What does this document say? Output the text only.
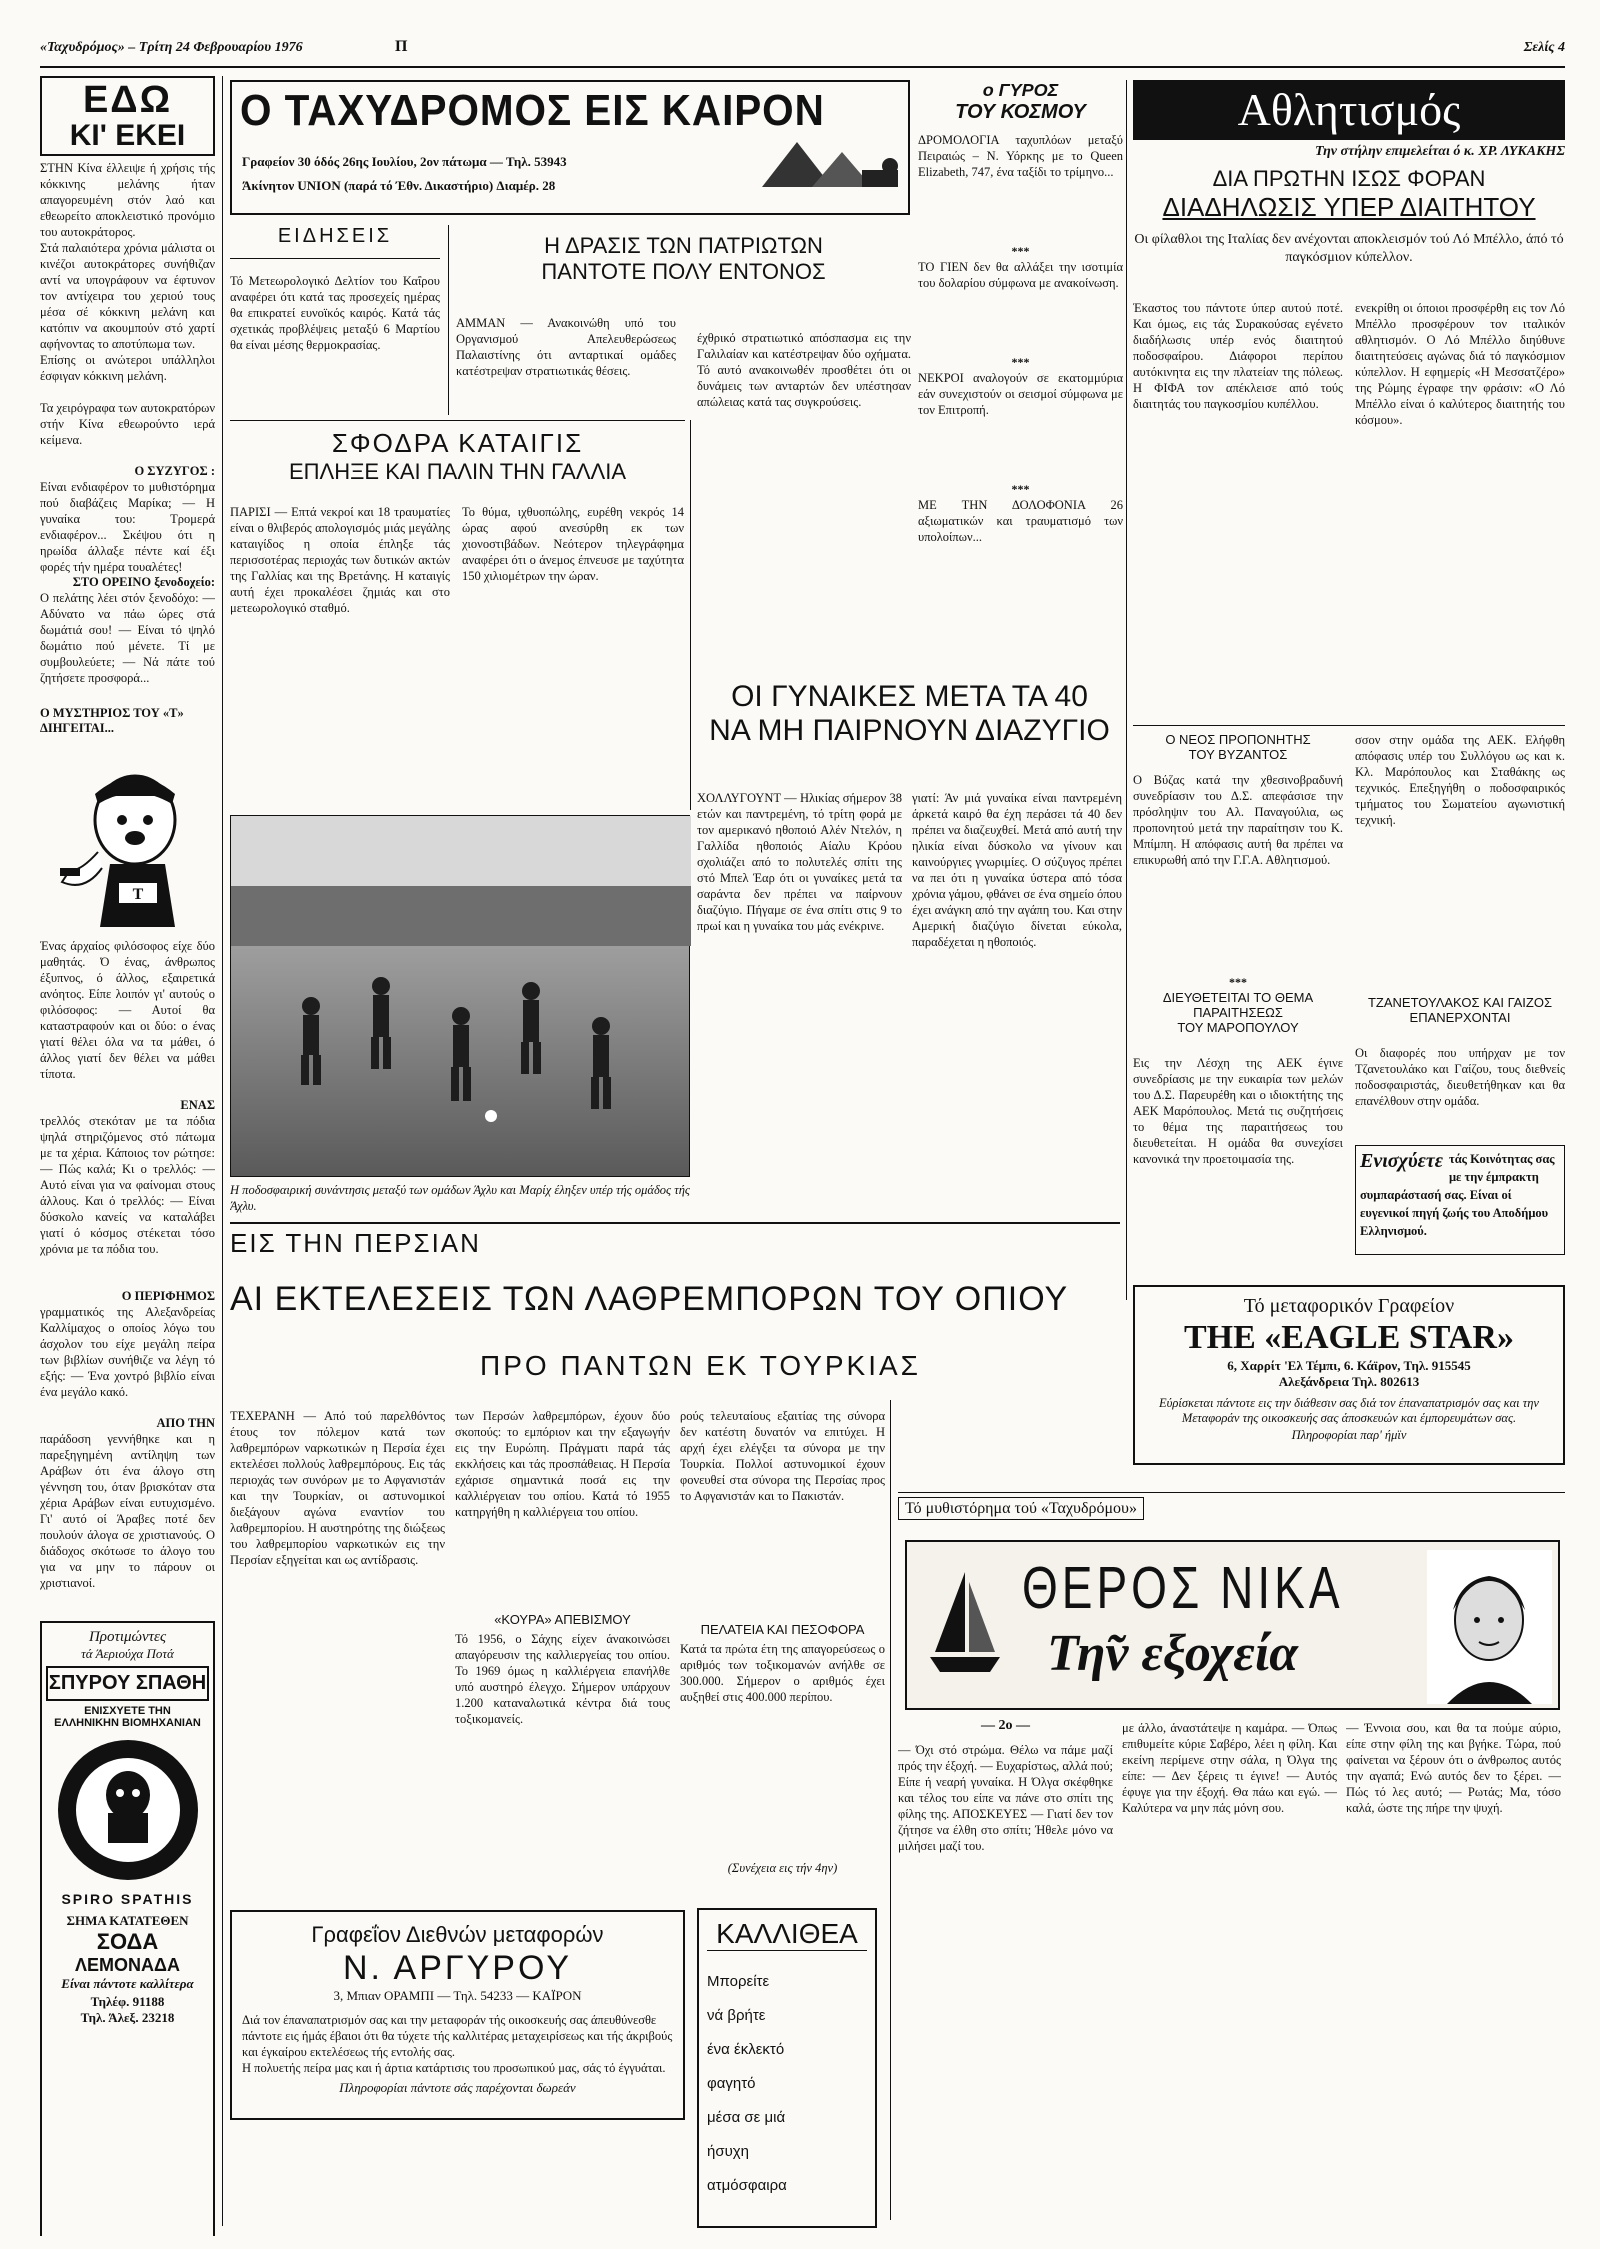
«Ταχυδρόμος» – Τρίτη 24 Φεβρουαρίου 1976	Π	Σελίς 4
ΕΔΩ
ΚΙ' ΕΚΕΙ
ΣΤΗΝ Κίνα έλλειψε ή χρήσις τής κόκκινης μελάνης ήταν απαγορευμένη στόν λαό και εθεωρείτο αποκλειστικό προνόμιο του αυτοκράτορος.
Στά παλαιότερα χρόνια μάλιστα οι κινέζοι αυτοκράτορες συνήθιζαν αντί να υπογράφουν να έφτυνον τον αντίχειρα του χεριού τους μέσα σέ κόκκινη μελάνη και κατόπιν να ακουμπούν στό χαρτί αφήνοντας το αποτύπωμα των.
Επίσης οι ανώτεροι υπάλληλοι έσφιγαν κόκκινη μελάνη.
Τα χειρόγραφα των αυτοκρατόρων στήν Κίνα εθεωρούντο ιερά κείμενα.
Ο ΣΥΖΥΓΟΣ :
Είναι ενδιαφέρον το μυθιστόρημα πού διαβάζεις Μαρίκα; — Η γυναίκα του: Τρομερά ενδιαφέρον... Σκέψου ότι η ηρωίδα άλλαξε πέντε καί έξι φορές τήν ημέρα τουαλέτες!
ΣΤΟ ΟΡΕΙΝΟ ξενοδοχείο:
Ο πελάτης λέει στόν ξενοδόχο: — Αδύνατο να πάω ώρες στά δωμάτιά σου! — Είναι τό ψηλό δωμάτιο πού μένετε. Τί με συμβουλεύετε; — Νά πάτε τού ζητήσετε προσφορά...
Ο ΜΥΣΤΗΡΙΟΣ ΤΟΥ «Τ» ΔΙΗΓΕΙΤΑΙ...
Τ
Ένας άρχαίος φιλόσοφος είχε δύο μαθητάς. Ό ένας, άνθρωπος έξυπνος, ό άλλος, εξαιρετικά ανόητος. Είπε λοιπόν γι' αυτούς ο φιλόσοφος: — Αυτοί θα καταστραφούν και οι δύο: ο ένας γιατί θέλει όλα να τα μάθει, ό άλλος γιατί δεν θέλει να μάθει τίποτα.
ΕΝΑΣ
τρελλός στεκόταν με τα πόδια ψηλά στηριζόμενος στό πάτωμα με τα χέρια. Κάποιος τον ρώτησε: — Πώς καλά; Κι ο τρελλός: — Αυτό είναι για να φαίνομαι στους άλλους. Και ό τρελλός: — Είναι δύσκολο κανείς να καταλάβει γιατί ό κόσμος στέκεται τόσο χρόνια με τα πόδια του.
Ο ΠΕΡΙΦΗΜΟΣ
γραμματικός της Αλεξανδρείας Καλλίμαχος ο οποίος λόγω του άσχολον του είχε μεγάλη πείρα των βιβλίων συνήθιζε να λέγη τό εξής: — Ένα χοντρό βιβλίο είναι ένα μεγάλο κακό.
ΑΠΟ ΤΗΝ
παράδοση γεννήθηκε και η παρεξηγημένη αντίληψη των Αράβων ότι ένα άλογο στη γέννηση του, όταν βρισκόταν στα χέρια Αράβων είναι ευτυχισμένο. Γι' αυτό οί Άραβες ποτέ δεν πουλούν άλογα σε χριστιανούς. Ο διάδοχος σκότωσε το άλογο του για να μην το πάρουν οι χριστιανοί.
Προτιμώντες
τά Άεριούχα Ποτά
ΣΠΥΡΟΥ ΣΠΑΘΗ
ΕΝΙΣΧΥΕΤΕ ΤΗΝ
ΕΛΛΗΝΙΚΗΝ ΒΙΟΜΗΧΑΝΙΑΝ
SPIRO SPATHIS
ΣΗΜΑ ΚΑΤΑΤΕΘΕΝ
ΣΟΔΑ
ΛΕΜΟΝΑΔΑ
Είναι πάντοτε καλλίτερα
Τηλέφ. 91188
Τηλ. Άλεξ. 23218
Ο ΤΑΧΥΔΡΟΜΟΣ ΕΙΣ ΚΑΙΡΟΝ
Γραφείον 30 όδός 26ης Ιουλίου, 2ον πάτωμα — Τηλ. 53943
Άκίνητον UNION (παρά τό Έθν. Δικαστήριο) Διαμέρ. 28
ΕΙΔΗΣΕΙΣ
Τό Μετεωρολογικό Δελτίον του Καΐρου αναφέρει ότι κατά τας προσεχείς ημέρας θα επικρατεί ευνοϊκός καιρός. Κατά τάς σχετικάς προβλέψεις μεταξύ 6 Μαρτίου θα είναι μέσης θερμοκρασίας.
Η ΔΡΑΣΙΣ ΤΩΝ ΠΑΤΡΙΩΤΩΝ
ΠΑΝΤΟΤΕ ΠΟΛΥ ΕΝΤΟΝΟΣ
ΑΜΜΑΝ — Ανακοινώθη υπό του Οργανισμού Απελευθερώσεως Παλαιστίνης ότι ανταρτικαί ομάδες κατέστρεψαν στρατιωτικάς θέσεις.
ΣΦΟΔΡΑ ΚΑΤΑΙΓΙΣ
ΕΠΛΗΞΕ ΚΑΙ ΠΑΛΙΝ ΤΗΝ ΓΑΛΛΙΑ
ΠΑΡΙΣΙ — Επτά νεκροί και 18 τραυματίες είναι ο θλιβερός απολογισμός μιάς μεγάλης καταιγίδος η οποία έπληξε τάς περισσοτέρας περιοχάς των δυτικών ακτών της Γαλλίας και της Βρετάνης. Η καταιγίς αυτή έχει προκαλέσει ζημιάς και στο μετεωρολογικό σταθμό.
Το θύμα, ιχθυοπώλης, ευρέθη νεκρός 14 ώρας αφού ανεσύρθη εκ των χιονοστιβάδων. Νεότερον τηλεγράφημα αναφέρει ότι ο άνεμος έπνευσε με ταχύτητα 150 χιλιομέτρων την ώραν.
έχθρικό στρατιωτικό απόσπασμα εις την Γαλιλαίαν και κατέστρεψαν δύο οχήματα. Τό αυτό ανακοινωθέν προσθέτει ότι οι δυνάμεις των ανταρτών δεν υπέστησαν απώλειας κατά τας συγκρούσεις.
Η ποδοσφαιρική συνάντησις μεταξύ των ομάδων Άχλυ και Μαρίχ έληξεν υπέρ τής ομάδος τής Άχλυ.
ο ΓΥΡΟΣ
ΤΟΥ ΚΟΣΜΟΥ
ΔΡΟΜΟΛΟΓΙΑ ταχυπλόων μεταξύ Πειραιώς – Ν. Υόρκης με το Queen Elizabeth, 747, ένα ταξίδι το τρίμηνο...
***
ΤΟ ΓΙΕΝ δεν θα αλλάξει την ισοτιμία του δολαρίου σύμφωνα με ανακοίνωση.
***
ΝΕΚΡΟΙ αναλογούν σε εκατομμύρια εάν συνεχιστούν οι σεισμοί σύμφωνα με τον Επιτροπή.
***
ΜΕ ΤΗΝ ΔΟΛΟΦΟΝΙΑ 26 αξιωματικών και τραυματισμό των υπολοίπων...
ΟΙ ΓΥΝΑΙΚΕΣ ΜΕΤΑ ΤΑ 40
ΝΑ ΜΗ ΠΑΙΡΝΟΥΝ ΔΙΑΖΥΓΙΟ
ΧΟΛΛΥΓΟΥΝΤ — Ηλικίας σήμερον 38 ετών και παντρεμένη, τό τρίτη φορά με τον αμερικανό ηθοποιό Αλέν Ντελόν, η Γαλλίδα ηθοποιός Αίαλυ Κρόου σχολιάζει από το πολυτελές σπίτι της στό Μπελ Έαρ ότι οι γυναίκες μετά τα σαράντα δεν πρέπει να παίρνουν διαζύγιο. Πήγαμε σε ένα σπίτι στις 9 το πρωί και η γυναίκα του μάς ενέκρινε.
γιατί: Άν μιά γυναίκα είναι παντρεμένη άρκετά καιρό θα έχη περάσει τά 40 δεν πρέπει να διαζευχθεί. Μετά από αυτή την ηλικία είναι δύσκολο να γίνουν και καινούργιες γνωριμίες. Ο σύζυγος πρέπει να πει ότι η γυναίκα ύστερα από τόσα χρόνια γάμου, φθάνει σε ένα σημείο όπου έχει ανάγκη από την αγάπη του. Και στην Αμερική διαζύγιο δίνεται εύκολα, παραδέχεται η ηθοποιός.
Αθλητισμός
Την στήλην επιμελείται ό κ. ΧΡ. ΛΥΚΑΚΗΣ
ΔΙΑ ΠΡΩΤΗΝ ΙΣΩΣ ΦΟΡΑΝ
ΔΙΑΔΗΛΩΣΙΣ ΥΠΕΡ ΔΙΑΙΤΗΤΟΥ
Οι φίλαθλοι της Ιταλίας δεν ανέχονται αποκλεισμόν τού Λό Μπέλλο, άπό τό παγκόσμιον κύπελλον.
Έκαστος του πάντοτε ύπερ αυτού ποτέ. Και όμως, εις τάς Συρακούσας εγένετο διαδήλωσις υπέρ ενός διαιτητού ποδοσφαίρου. Διάφοροι περίπου αυτόκινητα εις την πλατείαν της πόλεως. Η ΦΙΦΑ τον απέκλεισε από τούς διαιτητάς του παγκοσμίου κυπέλλου.
ενεκρίθη οι όποιοι προσφέρθη εις τον Λό Μπέλλο προσφέρουν τον ιταλικόν αθλητισμόν. Ο Λό Μπέλλο διηύθυνε διαιτητεύσεις αγώνας διά τό παγκόσμιον κύπελλον. Η εφημερίς «Η Μεσσατζέρο» της Ρώμης έγραφε την φράσιν: «Ο Λό Μπέλλο είναι ό καλύτερος διαιτητής του κόσμου».
Ο ΝΕΟΣ ΠΡΟΠΟΝΗΤΗΣ
ΤΟΥ ΒΥΖΑΝΤΟΣ
Ο Βύζας κατά την χθεσινοβραδυνή συνεδρίασιν του Δ.Σ. απεφάσισε την πρόσληψιν του Αλ. Παναγούλια, ως προπονητού μετά την παραίτησιν του Κ. Μπίμπη. Η απόφασις αυτή θα πρέπει να επικυρωθή από την Γ.Γ.Α. Αθλητισμού.
σσον στην ομάδα της ΑΕΚ. Ελήφθη απόφασις υπέρ του Συλλόγου ως και κ. Κλ. Μαρόπουλος και Σταθάκης ως τεχνικός. Επεξηγήθη ο ποδοσφαιρικός τμήματος του Σωματείου αγωνιστική τεχνική.
***
ΔΙΕΥΘΕΤΕΙΤΑΙ ΤΟ ΘΕΜΑ
ΠΑΡΑΙΤΗΣΕΩΣ
ΤΟΥ ΜΑΡΟΠΟΥΛΟΥ
Εις την Λέσχη της ΑΕΚ έγινε συνεδρίασις με την ευκαιρία των μελών του Δ.Σ. Παρευρέθη και ο ιδιοκτήτης της ΑΕΚ Μαρόπουλος. Μετά τις συζητήσεις το θέμα της παραιτήσεως του διευθετείται. Η ομάδα θα συνεχίσει κανονικά την προετοιμασία της.
ΤΖΑΝΕΤΟΥΛΑΚΟΣ ΚΑΙ ΓΑΙΖΟΣ ΕΠΑΝΕΡΧΟΝΤΑΙ
Οι διαφορές που υπήρχαν με τον Τζανετουλάκο και Γαίζου, τους διεθνείς ποδοσφαιριστάς, διευθετήθηκαν και θα επανέλθουν στην ομάδα.
Ενισχύετε τάς Κοινότητας σας με την έμπρακτη συμπαράστασή σας. Είναι οί ευγενικοί πηγή ζωής του Αποδήμου Ελληνισμού.
Τό μεταφορικόν Γραφείον
THE «EAGLE STAR»
6, Χαρρίτ 'Ελ Τέμπι, 6. Κάϊρον, Τηλ. 915545
Αλεξάνδρεια Τηλ. 802613
Εύρίσκεται πάντοτε εις την διάθεσιν σας διά τον έπαναπατρισμόν σας και την Μεταφοράν της οικοσκευής σας άποσκευών και έμπορευμάτων σας.
Πληροφορίαι παρ' ήμϊν
ΕΙΣ ΤΗΝ ΠΕΡΣΙΑΝ
ΑΙ ΕΚΤΕΛΕΣΕΙΣ ΤΩΝ ΛΑΘΡΕΜΠΟΡΩΝ ΤΟΥ ΟΠΙΟΥ
ΠΡΟ ΠΑΝΤΩΝ ΕΚ ΤΟΥΡΚΙΑΣ
ΤΕΧΕΡΑΝΗ — Από τού παρελθόντος έτους τον πόλεμον κατά των λαθρεμπόρων ναρκωτικών η Περσία έχει εκτελέσει πολλούς λαθρεμπόρους. Εις τάς περιοχάς των συνόρων με το Αφγανιστάν και την Τουρκίαν, οι αστυνομικοί διεξάγουν αγώνα εναντίον του λαθρεμπορίου. Η αυστηρότης της διώξεως του λαθρεμπορίου ναρκωτικών εις την Περσίαν εξηγείται και ως αντίδρασις.
των Περσών λαθρεμπόρων, έχουν δύο σκοπούς: το εμπόριον και την εξαγωγήν εις την Ευρώπη. Πράγματι παρά τάς εκκλήσεις και τάς προσπάθειας. Η Περσία εχάρισε σημαντικά ποσά εις την καλλιέργειαν του οπίου. Κατά τό 1955 κατηργήθη η καλλιέργεια του οπίου.
«ΚΟΥΡΑ» ΑΠΕΒΙΣΜΟΥ
Τό 1956, ο Σάχης είχεν άνακοινώσει απαγόρευσιν της καλλιεργείας του οπίου. Το 1969 όμως η καλλιέργεια επανήλθε υπό αυστηρό έλεγχο. Σήμερον υπάρχουν 1.200 καταναλωτικά κέντρα διά τους τοξικομανείς.
ρούς τελευταίους εξαιτίας της σύνορα δεν κατέστη δυνατόν να επιτύχει. Η αρχή έχει ελέγξει τα σύνορα με την Τουρκία. Πολλοί αστυνομικοί έχουν φονευθεί στα σύνορα της Περσίας προς το Αφγανιστάν και το Πακιστάν.
ΠΕΛΑΤΕΙΑ ΚΑΙ ΠΕΣΟΦΟΡΑ
Κατά τα πρώτα έτη της απαγορεύσεως ο αριθμός των τοξικομανών ανήλθε σε 300.000. Σήμερον ο αριθμός έχει αυξηθεί στις 400.000 περίπου.
(Συνέχεια εις τήν 4ην)
Γραφεΐον Διεθνών μεταφορών
Ν. ΑΡΓΥΡΟΥ
3, Μπιαν ΟΡΑΜΠΙ — Τηλ. 54233 — ΚΑΪΡΟΝ
Διά τον έπαναπατρισμόν σας και την μεταφοράν τής οικοσκευής σας άπευθύνεσθε πάντοτε εις ήμάς έβαιοι ότι θα τύχετε τής καλλιτέρας μεταχειρίσεως και τής άκριβούς και έγκαίρου εκτελέσεως τής εντολής σας.
Η πολυετής πείρα μας και ή άρτια κατάρτισις του προσωπικού μας, σάς τό έγγυάται.
Πληροφορίαι πάντοτε σάς παρέχονται δωρεάν
ΚΑΛΛΙΘΕΑ
Μπορείτε
νά βρήτε
ένα έκλεκτό
φαγητό
μέσα σε μιά
ήσυχη
ατμόσφαιρα
Τό μυθιστόρημα τού «Ταχυδρόμου»
ΘΕΡΟΣ ΝΙΚΑ
Τη̃ν εξοχεία
— 2ο —
— Όχι στό στρώμα. Θέλω να πάμε μαζί πρός την έξοχή. — Ευχαρίστως, αλλά πού; Είπε ή νεαρή γυναίκα. Η Όλγα σκέφθηκε και τέλος του είπε να πάνε στο σπίτι της φίλης της. ΑΠΟΣΚΕΥΕΣ — Γιατί δεν τον ζήτησε να έλθη στο σπίτι; Ήθελε μόνο να μιλήσει μαζί του.
με άλλο, άναστάτεψε η καμάρα. — Όπως επιθυμείτε κύριε Σαβέρο, λέει η φίλη. Και εκείνη περίμενε στην σάλα, η Όλγα της είπε: — Δεν ξέρεις τι έγινε! — Αυτός έφυγε για την έξοχή. Θα πάω και εγώ. — Καλύτερα να μην πάς μόνη σου.
— Έννοια σου, και θα τα πούμε αύριο, είπε στην φίλη της και βγήκε. Τώρα, πού φαίνεται να ξέρουν ότι ο άνθρωπος αυτός την αγαπά; Ενώ αυτός δεν το ξέρει. — Πώς τό λες αυτό; — Ρωτάς; Μα, τόσο καλά, ώστε της πήρε την ψυχή.
